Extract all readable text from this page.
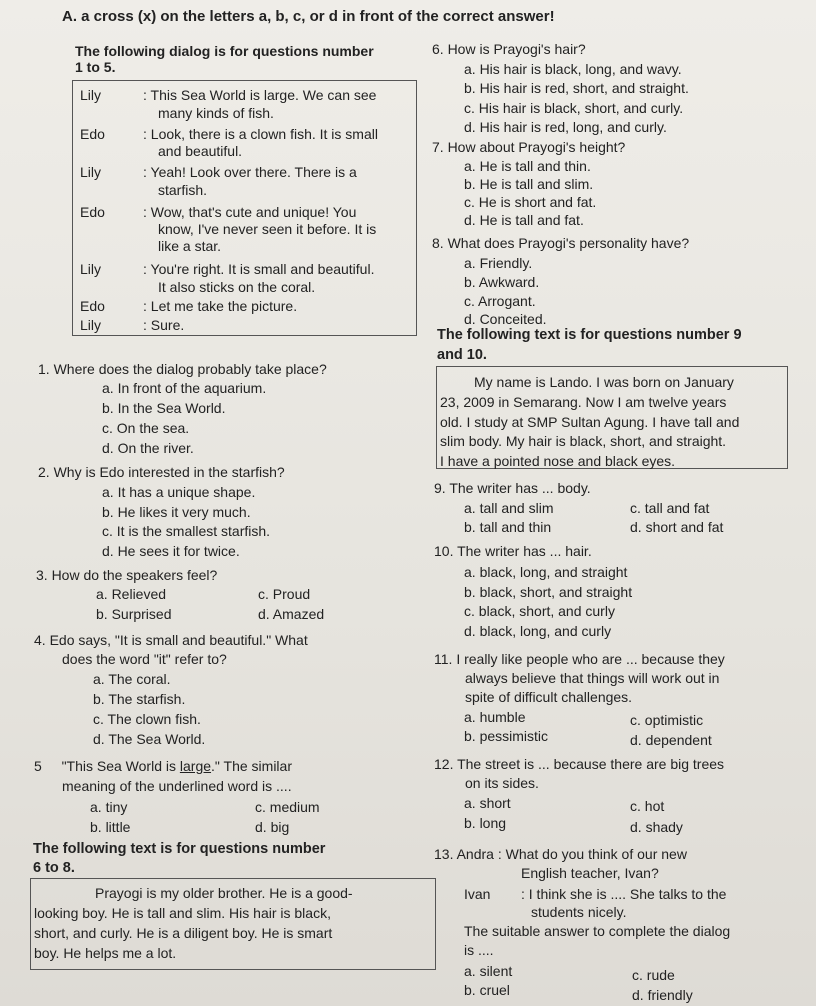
A. a cross (x) on the letters a, b, c, or d in front of the correct answer!
The following dialog is for questions number
1 to 5.
Lily	: This Sea World is large. We can see
many kinds of fish.
Edo	: Look, there is a clown fish. It is small
and beautiful.
Lily	: Yeah! Look over there. There is a
starfish.
Edo	: Wow, that's cute and unique! You
know, I've never seen it before. It is
like a star.
Lily	: You're right. It is small and beautiful.
It also sticks on the coral.
Edo	: Let me take the picture.
Lily	: Sure.
1. Where does the dialog probably take place?
a. In front of the aquarium.
b. In the Sea World.
c. On the sea.
d. On the river.
2. Why is Edo interested in the starfish?
a. It has a unique shape.
b. He likes it very much.
c. It is the smallest starfish.
d. He sees it for twice.
3. How do the speakers feel?
a. Relieved	c. Proud
b. Surprised	d. Amazed
4. Edo says, "It is small and beautiful." What
does the word "it" refer to?
a. The coral.
b. The starfish.
c. The clown fish.
d. The Sea World.
5 "This Sea World is large." The similar
meaning of the underlined word is ....
a. tiny	c. medium
b. little	d. big
The following text is for questions number
6 to 8.
Prayogi is my older brother. He is a good-
looking boy. He is tall and slim. His hair is black,
short, and curly. He is a diligent boy. He is smart
boy. He helps me a lot.
6. How is Prayogi's hair?
a. His hair is black, long, and wavy.
b. His hair is red, short, and straight.
c. His hair is black, short, and curly.
d. His hair is red, long, and curly.
7. How about Prayogi's height?
a. He is tall and thin.
b. He is tall and slim.
c. He is short and fat.
d. He is tall and fat.
8. What does Prayogi's personality have?
a. Friendly.
b. Awkward.
c. Arrogant.
d. Conceited.
The following text is for questions number 9
and 10.
My name is Lando. I was born on January
23, 2009 in Semarang. Now I am twelve years
old. I study at SMP Sultan Agung. I have tall and
slim body. My hair is black, short, and straight.
I have a pointed nose and black eyes.
9. The writer has ... body.
a. tall and slim	c. tall and fat
b. tall and thin	d. short and fat
10. The writer has ... hair.
a. black, long, and straight
b. black, short, and straight
c. black, short, and curly
d. black, long, and curly
11. I really like people who are ... because they
always believe that things will work out in
spite of difficult challenges.
a. humble	c. optimistic
b. pessimistic	d. dependent
12. The street is ... because there are big trees
on its sides.
a. short	c. hot
b. long	d. shady
13. Andra : What do you think of our new
English teacher, Ivan?
Ivan : I think she is .... She talks to the
students nicely.
The suitable answer to complete the dialog
is ....
a. silent	c. rude
b. cruel	d. friendly
